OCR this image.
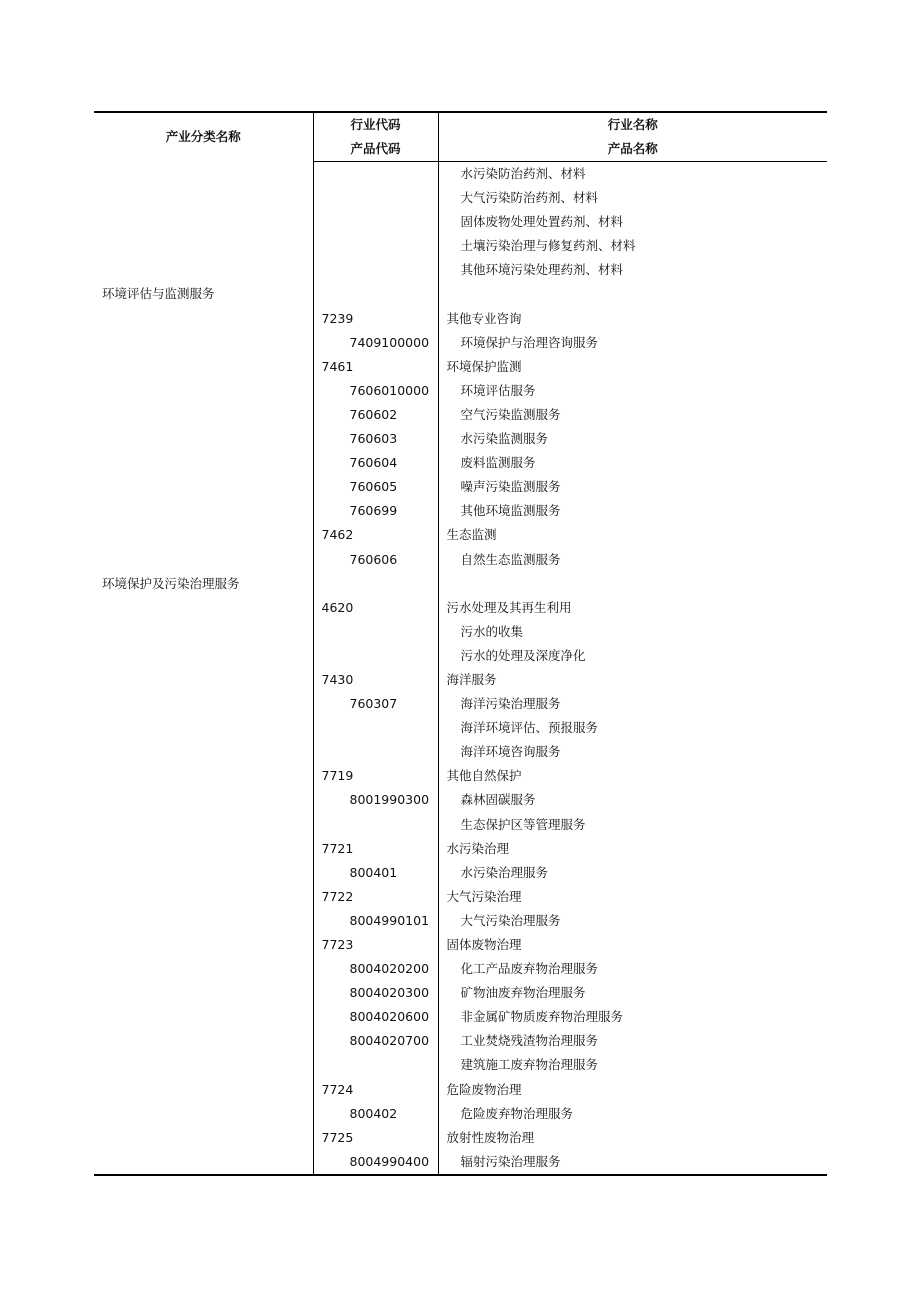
产业分类名称	行业代码	行业名称
	产品代码	产品名称
		水污染防治药剂、材料
		大气污染防治药剂、材料
		固体废物处理处置药剂、材料
		土壤污染治理与修复药剂、材料
		其他环境污染处理药剂、材料
环境评估与监测服务		
	7239	其他专业咨询
	7409100000	环境保护与治理咨询服务
	7461	环境保护监测
	7606010000	环境评估服务
	760602	空气污染监测服务
	760603	水污染监测服务
	760604	废料监测服务
	760605	噪声污染监测服务
	760699	其他环境监测服务
	7462	生态监测
	760606	自然生态监测服务
环境保护及污染治理服务		
	4620	污水处理及其再生利用
		污水的收集
		污水的处理及深度净化
	7430	海洋服务
	760307	海洋污染治理服务
		海洋环境评估、预报服务
		海洋环境咨询服务
	7719	其他自然保护
	8001990300	森林固碳服务
		生态保护区等管理服务
	7721	水污染治理
	800401	水污染治理服务
	7722	大气污染治理
	8004990101	大气污染治理服务
	7723	固体废物治理
	8004020200	化工产品废弃物治理服务
	8004020300	矿物油废弃物治理服务
	8004020600	非金属矿物质废弃物治理服务
	8004020700	工业焚烧残渣物治理服务
		建筑施工废弃物治理服务
	7724	危险废物治理
	800402	危险废弃物治理服务
	7725	放射性废物治理
	8004990400	辐射污染治理服务
